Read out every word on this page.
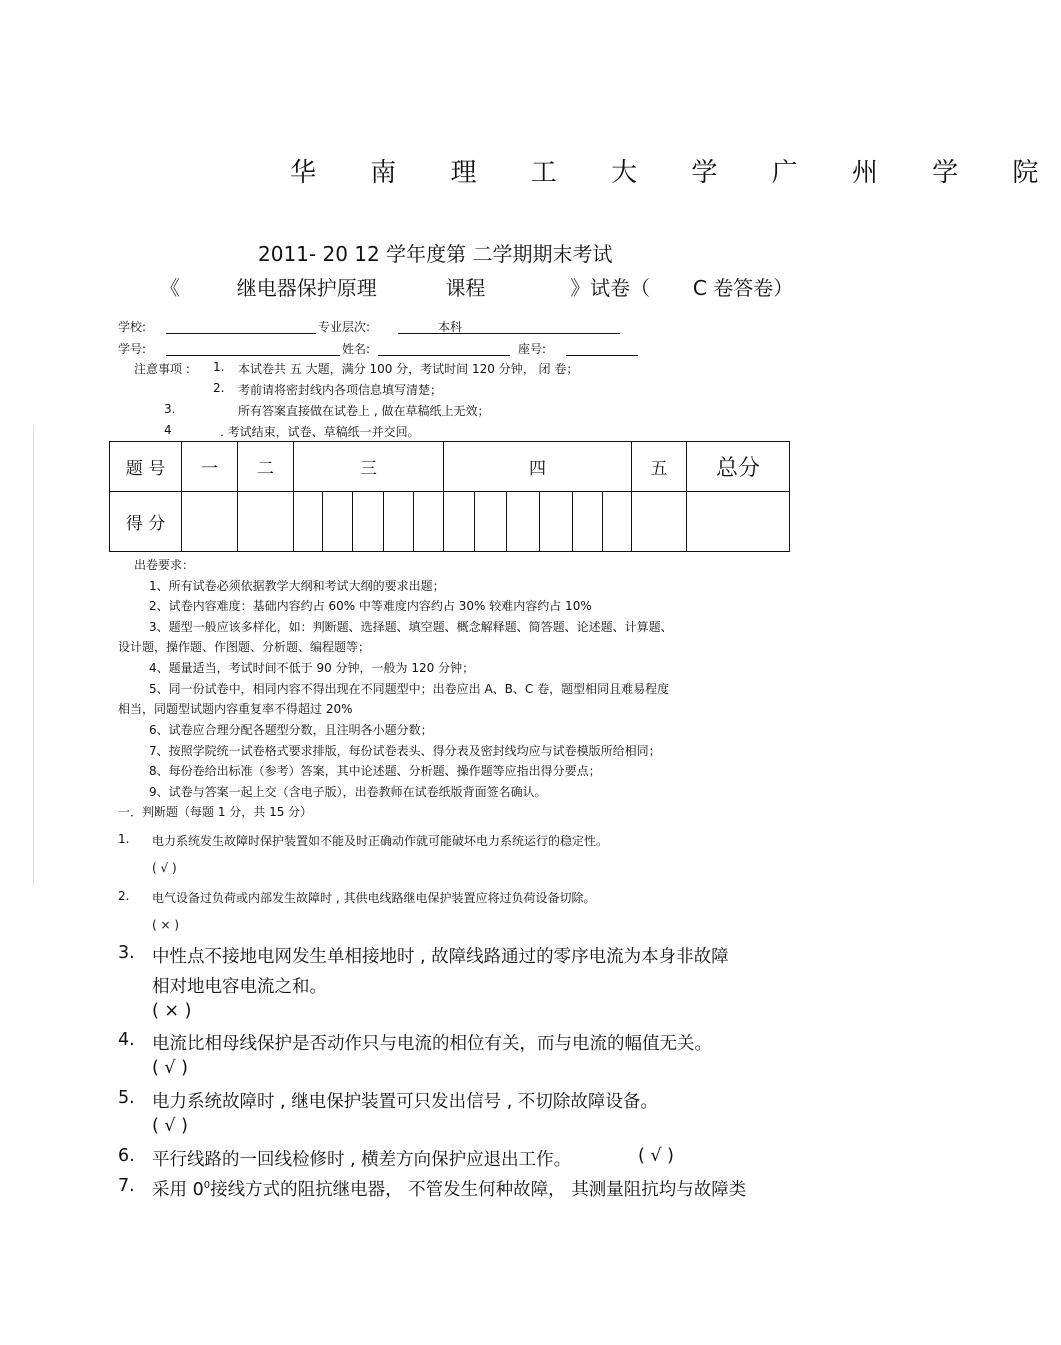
华 南 理 工 大 学 广 州 学 院
2011- 20 12 学年度第 二学期期末考试
《	继电器保护原理	课程	》试卷（ C 卷答卷）
学校:	专业层次:	本科
学号:	姓名:	座号:
注意事项 : 1. 本试卷共 五 大题，满分 100 分，考试时间 120 分钟， 闭 卷；
2. 考前请将密封线内各项信息填写清楚；
3.	所有答案直接做在试卷上 , 做在草稿纸上无效；
4	. 考试结束，试卷、草稿纸一并交回。
题 号	一	二	三					四						五	总分
得 分															
出卷要求：
1、所有试卷必须依据教学大纲和考试大纲的要求出题；
2、试卷内容难度：基础内容约占 60% 中等难度内容约占 30% 较难内容约占 10%
3、题型一般应该多样化，如：判断题、选择题、填空题、概念解释题、简答题、论述题、计算题、
设计题，操作题、作图题、分析题、编程题等；
4、题量适当，考试时间不低于 90 分钟，一般为 120 分钟；
5、同一份试卷中，相同内容不得出现在不同题型中；出卷应出 A、B、C 卷，题型相同且难易程度
相当，同题型试题内容重复率不得超过 20%
6、试卷应合理分配各题型分数，且注明各小题分数；
7、按照学院统一试卷格式要求排版，每份试卷表头、得分表及密封线均应与试卷模版所给相同；
8、每份卷给出标准（参考）答案，其中论述题、分析题、操作题等应指出得分要点；
9、试卷与答案一起上交（含电子版），出卷教师在试卷纸版背面签名确认。
一．判断题（每题 1 分，共 15 分）
1. 电力系统发生故障时保护装置如不能及时正确动作就可能破坏电力系统运行的稳定性。
( √ )
2. 电气设备过负荷或内部发生故障时 , 其供电线路继电保护装置应将过负荷设备切除。
( × )
3. 中性点不接地电网发生单相接地时 , 故障线路通过的零序电流为本身非故障
相对地电容电流之和。
( × )
4. 电流比相母线保护是否动作只与电流的相位有关，而与电流的幅值无关。
( √ )
5. 电力系统故障时 , 继电保护装置可只发出信号 , 不切除故障设备。
( √ )
6. 平行线路的一回线检修时 , 横差方向保护应退出工作。	( √ )
7. 采用 $0^0$接线方式的阻抗继电器， 不管发生何种故障， 其测量阻抗均与故障类
